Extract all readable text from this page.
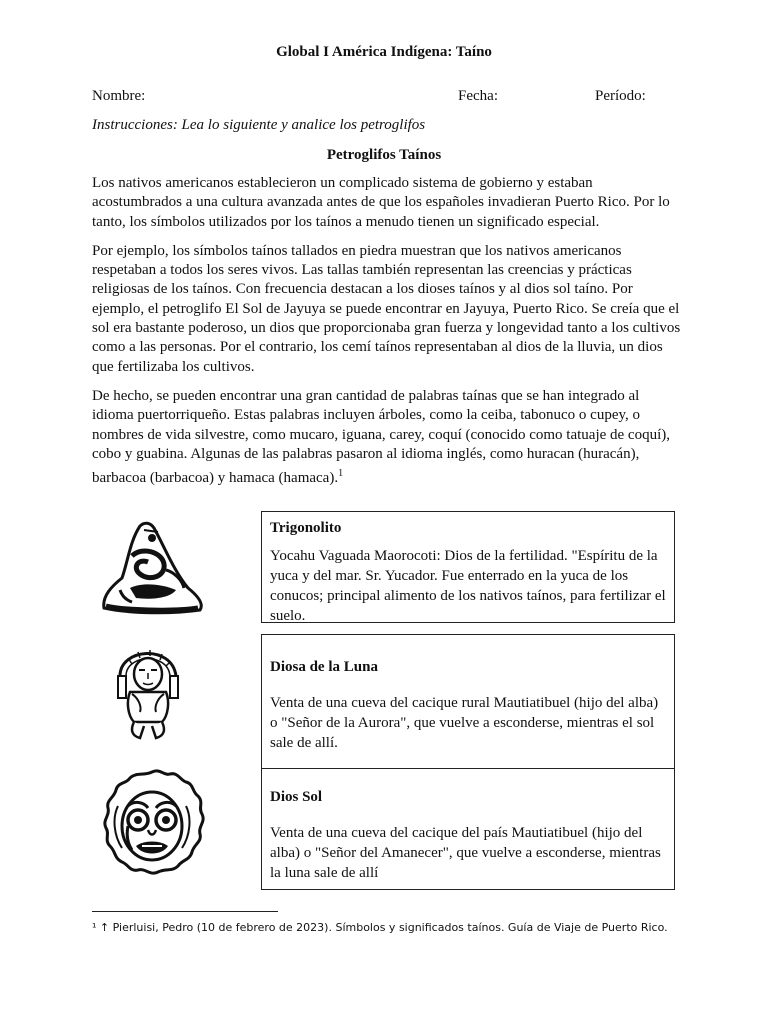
Global I América Indígena: Taíno
Nombre:	Fecha:	Período:
Instrucciones: Lea lo siguiente y analice los petroglifos
Petroglifos Taínos

Los nativos americanos establecieron un complicado sistema de gobierno y estaban acostumbrados a una cultura avanzada antes de que los españoles invadieran Puerto Rico. Por lo tanto, los símbolos utilizados por los taínos a menudo tienen un significado especial.

Por ejemplo, los símbolos taínos tallados en piedra muestran que los nativos americanos respetaban a todos los seres vivos. Las tallas también representan las creencias y prácticas religiosas de los taínos. Con frecuencia destacan a los dioses taínos y al dios sol taíno. Por ejemplo, el petroglifo El Sol de Jayuya se puede encontrar en Jayuya, Puerto Rico. Se creía que el sol era bastante poderoso, un dios que proporcionaba gran fuerza y longevidad tanto a los cultivos como a las personas. Por el contrario, los cemí taínos representaban al dios de la lluvia, un dios que fertilizaba los cultivos.

De hecho, se pueden encontrar una gran cantidad de palabras taínas que se han integrado al idioma puertorriqueño. Estas palabras incluyen árboles, como la ceiba, tabonuco o cupey, o nombres de vida silvestre, como mucaro, iguana, carey, coquí (conocido como tatuaje de coquí), cobo y guabina. Algunas de las palabras pasaron al idioma inglés, como huracan (huracán), barbacoa (barbacoa) y hamaca (hamaca).$^1$

Trigonolito
Yocahu Vaguada Maorocoti: Dios de la fertilidad. "Espíritu de la yuca y del mar. Sr. Yucador. Fue enterrado en la yuca de los conucos; principal alimento de los nativos taínos, para fertilizar el suelo.
Diosa de la Luna
Venta de una cueva del cacique rural Mautiatibuel (hijo del alba) o "Señor de la Aurora", que vuelve a esconderse, mientras el sol sale de allí.
Dios Sol
Venta de una cueva del cacique del país Mautiatibuel (hijo del alba) o "Señor del Amanecer", que vuelve a esconderse, mientras la luna sale de allí
¹ ↑ Pierluisi, Pedro (10 de febrero de 2023). Símbolos y significados taínos. Guía de Viaje de Puerto Rico.
